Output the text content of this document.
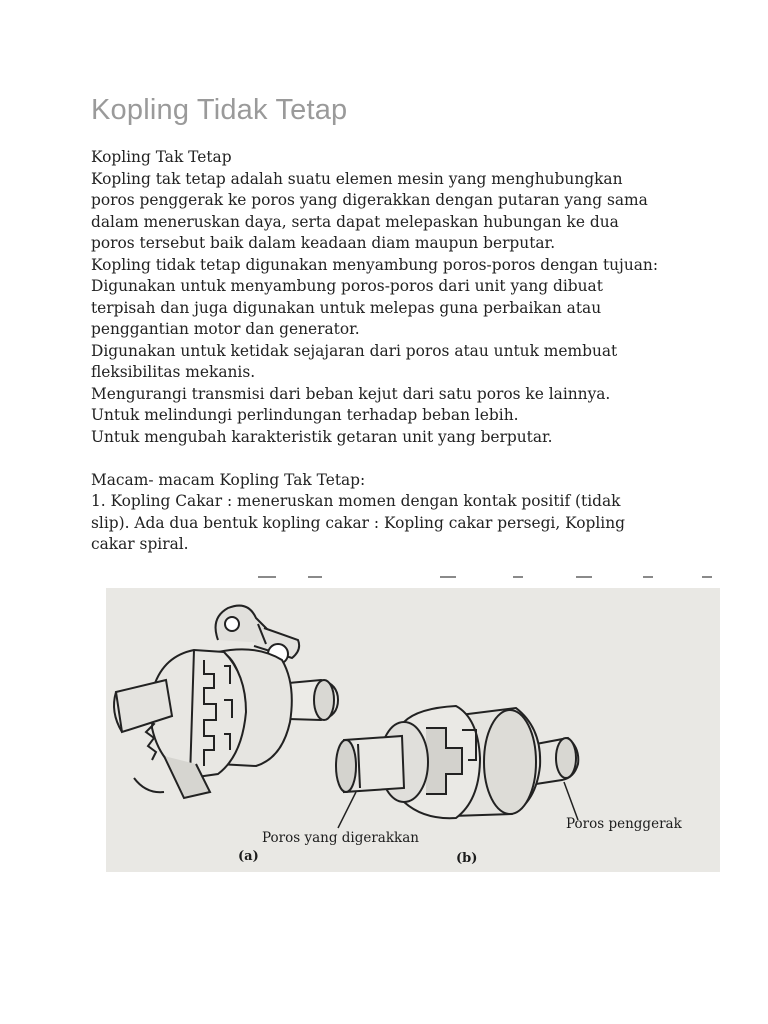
Kopling Tidak Tetap
Kopling Tak Tetap
Kopling tak tetap adalah suatu elemen mesin yang menghubungkan
poros penggerak ke poros yang digerakkan dengan putaran yang sama
dalam meneruskan daya, serta dapat melepaskan hubungan ke dua
poros tersebut baik dalam keadaan diam maupun berputar.
Kopling tidak tetap digunakan menyambung poros-poros dengan tujuan:
Digunakan untuk menyambung poros-poros dari unit yang dibuat
terpisah dan juga digunakan untuk melepas guna perbaikan atau
penggantian motor dan generator.
Digunakan untuk ketidak sejajaran dari poros atau untuk membuat
fleksibilitas mekanis.
Mengurangi transmisi dari beban kejut dari satu poros ke lainnya.
Untuk melindungi perlindungan terhadap beban lebih.
Untuk mengubah karakteristik getaran unit yang berputar.
Macam- macam Kopling Tak Tetap:
1. Kopling Cakar : meneruskan momen dengan kontak positif (tidak
slip). Ada dua bentuk kopling cakar : Kopling cakar persegi, Kopling
cakar spiral.
Poros yang digerakkan
Poros penggerak
(a)	(b)
